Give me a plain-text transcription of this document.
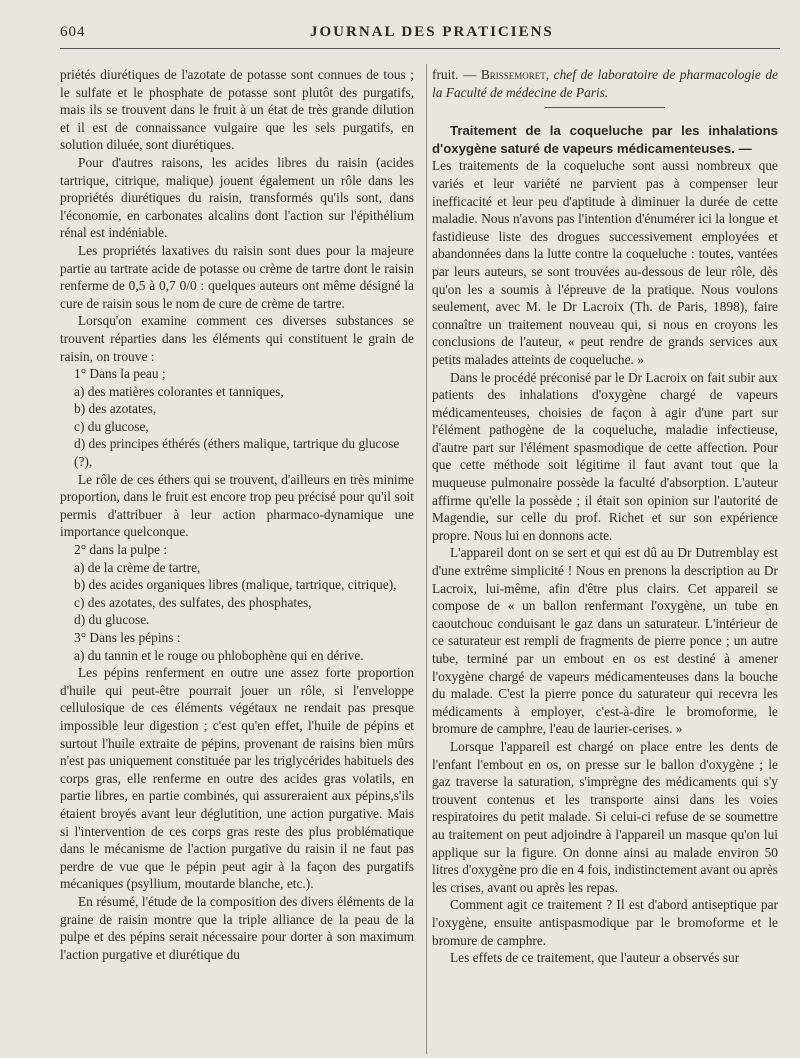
604	JOURNAL DES PRATICIENS

priétés diurétiques de l'azotate de potasse sont connues de tous ; le sulfate et le phosphate de potasse sont plutôt des purgatifs, mais ils se trouvent dans le fruit à un état de très grande dilution et il est de connaissance vulgaire que les sels purgatifs, en solution diluée, sont diurétiques.

Pour d'autres raisons, les acides libres du raisin (acides tartrique, citrique, malique) jouent également un rôle dans les propriétés diurétiques du raisin, transformés qu'ils sont, dans l'économie, en carbonates alcalins dont l'action sur l'épithélium rénal est indéniable.

Les propriétés laxatives du raisin sont dues pour la majeure partie au tartrate acide de potasse ou crème de tartre dont le raisin renferme de 0,5 à 0,7 0/0 : quelques auteurs ont même désigné la cure de raisin sous le nom de cure de crème de tartre.

Lorsqu'on examine comment ces diverses substances se trouvent réparties dans les éléments qui constituent le grain de raisin, on trouve :

1° Dans la peau ;

a) des matières colorantes et tanniques,

b) des azotates,

c) du glucose,

d) des principes éthérés (éthers malique, tartrique du glucose (?),

Le rôle de ces éthers qui se trouvent, d'ailleurs en très minime proportion, dans le fruit est encore trop peu précisé pour qu'il soit permis d'attribuer à leur action pharmaco-dynamique une importance quelconque.

2° dans la pulpe :

a) de la crème de tartre,

b) des acides organiques libres (malique, tartrique, citrique),

c) des azotates, des sulfates, des phosphates,

d) du glucose.

3° Dans les pépins :

a) du tannin et le rouge ou phlobophène qui en dérive.

Les pépins renferment en outre une assez forte proportion d'huile qui peut-être pourrait jouer un rôle, si l'enveloppe cellulosique de ces éléments végétaux ne rendait pas presque impossible leur digestion ; c'est qu'en effet, l'huile de pépins et surtout l'huile extraite de pépins, provenant de raisins bien mûrs n'est pas uniquement constituée par les triglycérides habituels des corps gras, elle renferme en outre des acides gras volatils, en partie libres, en partie combinés, qui assureraient aux pépins,s'ils étaient broyés avant leur déglutition, une action purgative. Mais si l'intervention de ces corps gras reste des plus problématique dans le mécanisme de l'action purgative du raisin il ne faut pas perdre de vue que le pépin peut agir à la façon des purgatifs mécaniques (psyllium, moutarde blanche, etc.).

En résumé, l'étude de la composition des divers éléments de la graine de raisin montre que la triple alliance de la peau de la pulpe et des pépins serait nécessaire pour dorter à son maximum l'action purgative et diurétique du

fruit. — Brissemoret, chef de laboratoire de pharmacologie de la Faculté de médecine de Paris.

Traitement de la coqueluche par les inhalations d'oxygène saturé de vapeurs médicamenteuses. —

Les traitements de la coqueluche sont aussi nombreux que variés et leur variété ne parvient pas à compenser leur inefficacité et leur peu d'aptitude à diminuer la durée de cette maladie. Nous n'avons pas l'intention d'énumérer ici la longue et fastidieuse liste des drogues successivement employées et abandonnées dans la lutte contre la coqueluche : toutes, vantées par leurs auteurs, se sont trouvées au-dessous de leur rôle, dès qu'on les a soumis à l'épreuve de la pratique. Nous voulons seulement, avec M. le Dr Lacroix (Th. de Paris, 1898), faire connaître un traitement nouveau qui, si nous en croyons les conclusions de l'auteur, « peut rendre de grands services aux petits malades atteints de coqueluche. »

Dans le procédé préconisé par le Dr Lacroix on fait subir aux patients des inhalations d'oxygène chargé de vapeurs médicamenteuses, choisies de façon à agir d'une part sur l'élément pathogène de la coqueluche, maladie infectieuse, d'autre part sur l'élément spasmodique de cette affection. Pour que cette méthode soit légitime il faut avant tout que la muqueuse pulmonaire possède la faculté d'absorption. L'auteur affirme qu'elle la possède ; il était son opinion sur l'autorité de Magendie, sur celle du prof. Richet et sur son expérience propre. Nous lui en donnons acte.

L'appareil dont on se sert et qui est dû au Dr Dutremblay est d'une extrême simplicité ! Nous en prenons la description au Dr Lacroix, lui-même, afin d'être plus clairs. Cet appareil se compose de « un ballon renfermant l'oxygène, un tube en caoutchouc conduisant le gaz dans un saturateur. L'intérieur de ce saturateur est rempli de fragments de pierre ponce ; un autre tube, terminé par un embout en os est destiné à amener l'oxygène chargé de vapeurs médicamenteuses dans la bouche du malade. C'est la pierre ponce du saturateur qui recevra les médicaments à employer, c'est-à-dire le bromoforme, le bromure de camphre, l'eau de laurier-cerises. »

Lorsque l'appareil est chargé on place entre les dents de l'enfant l'embout en os, on presse sur le ballon d'oxygène ; le gaz traverse la saturation, s'imprègne des médicaments qui s'y trouvent contenus et les transporte ainsi dans les voies respiratoires du petit malade. Si celui-ci refuse de se soumettre au traitement on peut adjoindre à l'appareil un masque qu'on lui applique sur la figure. On donne ainsi au malade environ 50 litres d'oxygène pro die en 4 fois, indistinctement avant ou après les crises, avant ou après les repas.

Comment agit ce traitement ? Il est d'abord antiseptique par l'oxygène, ensuite antispasmodique par le bromoforme et le bromure de camphre.

Les effets de ce traitement, que l'auteur a observés sur
